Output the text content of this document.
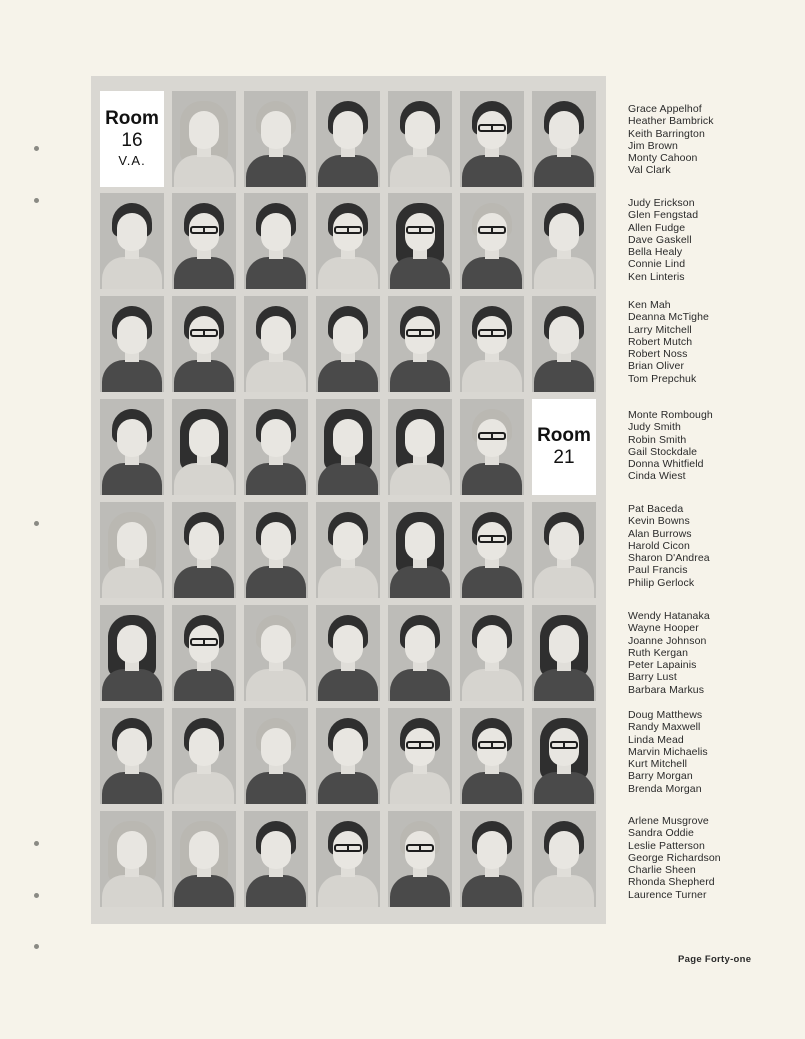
Room
16
V.A.
Room
21
Grace Appelhof
Heather Bambrick
Keith Barrington
Jim Brown
Monty Cahoon
Val Clark
Judy Erickson
Glen Fengstad
Allen Fudge
Dave Gaskell
Bella Healy
Connie Lind
Ken Linteris
Ken Mah
Deanna McTighe
Larry Mitchell
Robert Mutch
Robert Noss
Brian Oliver
Tom Prepchuk
Monte Rombough
Judy Smith
Robin Smith
Gail Stockdale
Donna Whitfield
Cinda Wiest
Pat Baceda
Kevin Bowns
Alan Burrows
Harold Cicon
Sharon D'Andrea
Paul Francis
Philip Gerlock
Wendy Hatanaka
Wayne Hooper
Joanne Johnson
Ruth Kergan
Peter Lapainis
Barry Lust
Barbara Markus
Doug Matthews
Randy Maxwell
Linda Mead
Marvin Michaelis
Kurt Mitchell
Barry Morgan
Brenda Morgan
Arlene Musgrove
Sandra Oddie
Leslie Patterson
George Richardson
Charlie Sheen
Rhonda Shepherd
Laurence Turner
Page Forty-one
